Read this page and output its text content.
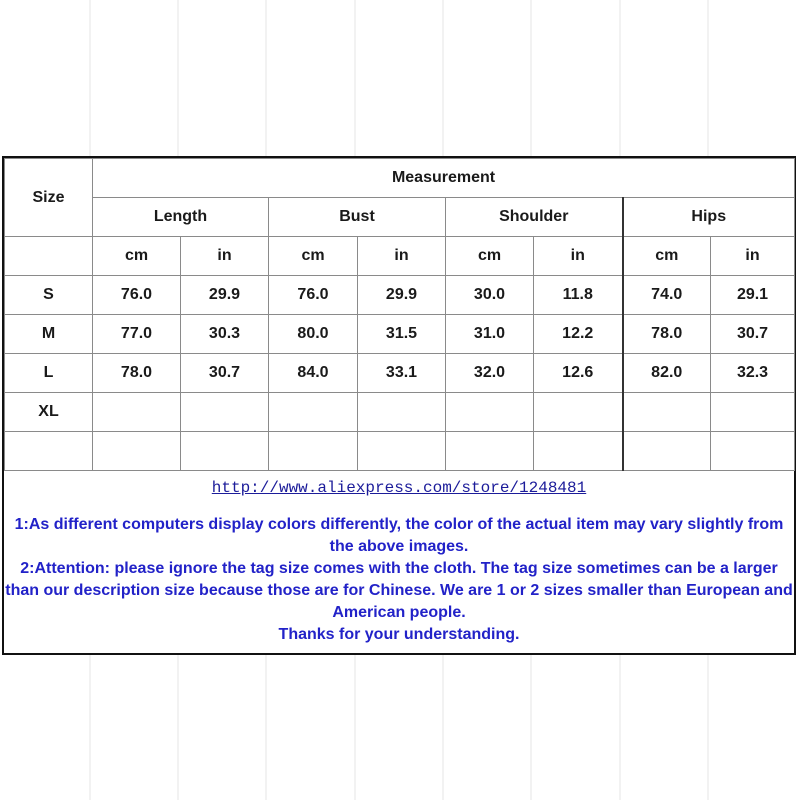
Size	Measurement							
	Length		Bust		Shoulder		Hips	
	cm	in	cm	in	cm	in	cm	in
S	76.0	29.9	76.0	29.9	30.0	11.8	74.0	29.1
M	77.0	30.3	80.0	31.5	31.0	12.2	78.0	30.7
L	78.0	30.7	84.0	33.1	32.0	12.6	82.0	32.3
XL								

http://www.aliexpress.com/store/1248481

1:As different computers display colors differently, the color of the actual item may vary slightly from the above images.

2:Attention: please ignore the tag size comes with the cloth. The tag size sometimes can be a larger than our description size because those are for Chinese. We are 1 or 2 sizes smaller than European and American people.

Thanks for your understanding.
